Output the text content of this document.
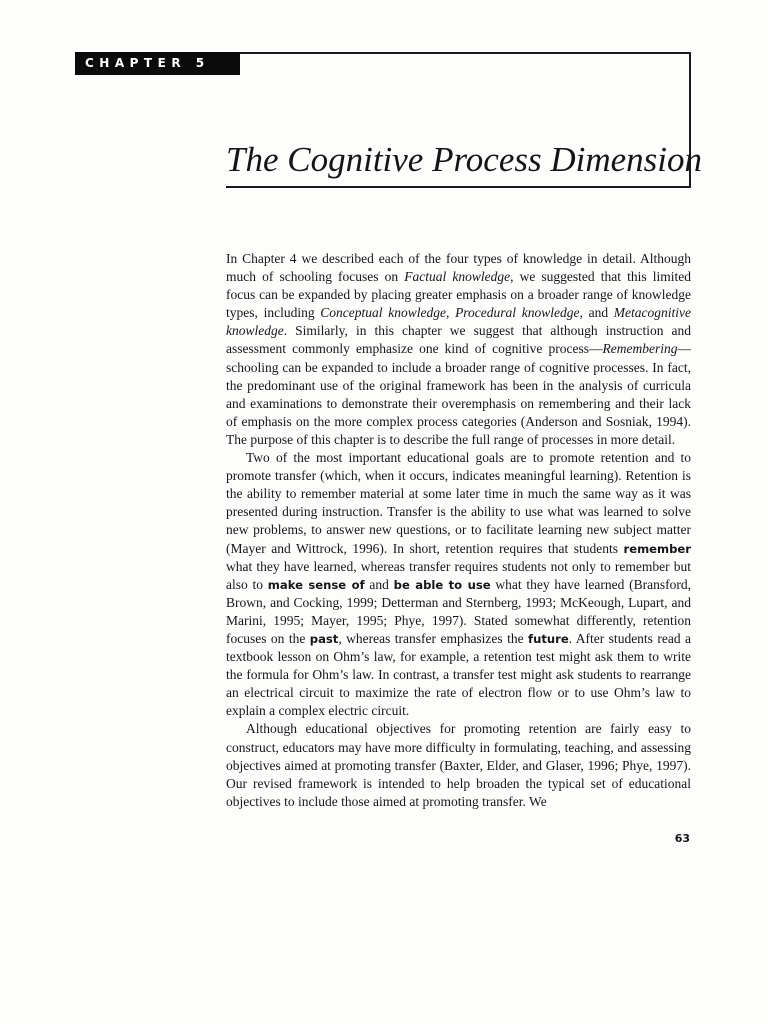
CHAPTER 5
The Cognitive Process Dimension

In Chapter 4 we described each of the four types of knowledge in detail. Although much of schooling focuses on Factual knowledge, we suggested that this limited focus can be expanded by placing greater emphasis on a broader range of knowledge types, including Conceptual knowledge, Procedural knowledge, and Metacognitive knowledge. Similarly, in this chapter we suggest that although instruction and assessment commonly emphasize one kind of cognitive process—Remembering—schooling can be expanded to include a broader range of cognitive processes. In fact, the predominant use of the original framework has been in the analysis of curricula and examinations to demonstrate their overemphasis on remembering and their lack of emphasis on the more complex process categories (Anderson and Sosniak, 1994). The purpose of this chapter is to describe the full range of processes in more detail.

Two of the most important educational goals are to promote retention and to promote transfer (which, when it occurs, indicates meaningful learning). Retention is the ability to remember material at some later time in much the same way as it was presented during instruction. Transfer is the ability to use what was learned to solve new problems, to answer new questions, or to facilitate learning new subject matter (Mayer and Wittrock, 1996). In short, retention requires that students remember what they have learned, whereas transfer requires students not only to remember but also to make sense of and be able to use what they have learned (Bransford, Brown, and Cocking, 1999; Detterman and Sternberg, 1993; McKeough, Lupart, and Marini, 1995; Mayer, 1995; Phye, 1997). Stated somewhat differently, retention focuses on the past, whereas transfer emphasizes the future. After students read a textbook lesson on Ohm’s law, for example, a retention test might ask them to write the formula for Ohm’s law. In contrast, a transfer test might ask students to rearrange an electrical circuit to maximize the rate of electron flow or to use Ohm’s law to explain a complex electric circuit.

Although educational objectives for promoting retention are fairly easy to construct, educators may have more difficulty in formulating, teaching, and assessing objectives aimed at promoting transfer (Baxter, Elder, and Glaser, 1996; Phye, 1997). Our revised framework is intended to help broaden the typical set of educational objectives to include those aimed at promoting transfer. We

63
